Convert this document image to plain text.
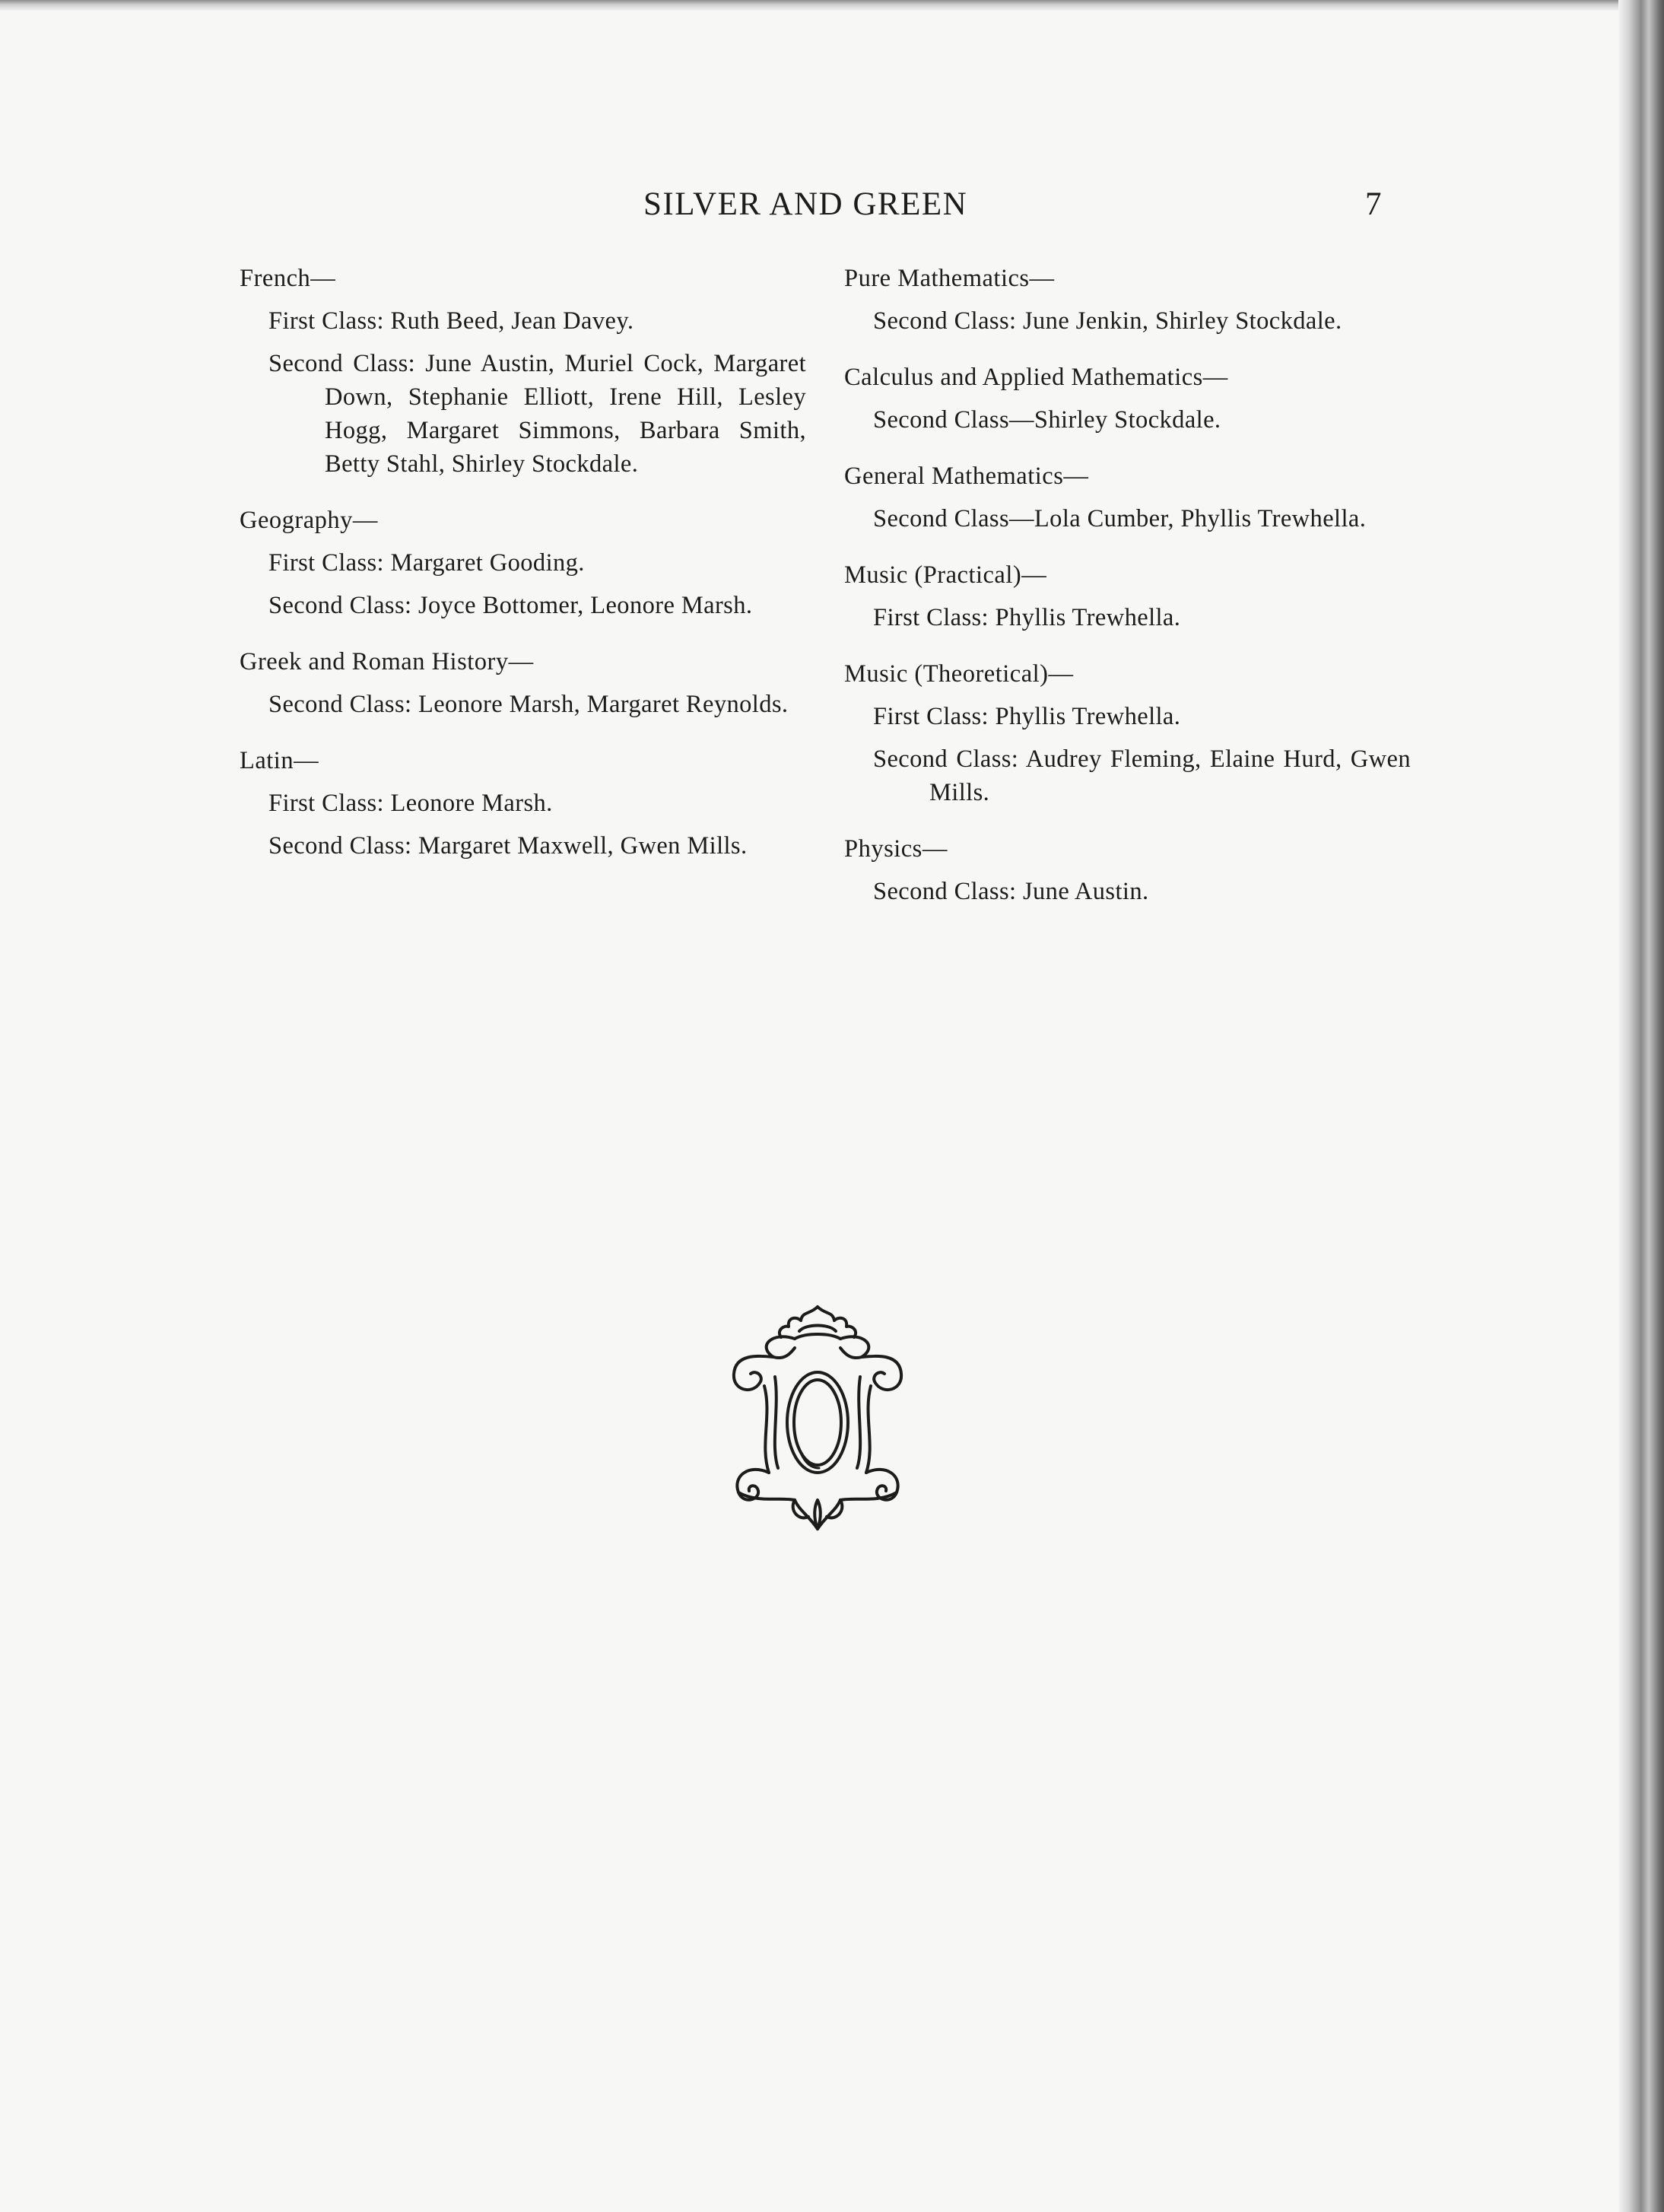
SILVER AND GREEN	7
French—
First Class: Ruth Beed, Jean Davey.
Second Class: June Austin, Muriel Cock, Margaret Down, Stephanie Elliott, Irene Hill, Lesley Hogg, Margaret Simmons, Barbara Smith, Betty Stahl, Shirley Stockdale.
Geography—
First Class: Margaret Gooding.
Second Class: Joyce Bottomer, Leonore Marsh.
Greek and Roman History—
Second Class: Leonore Marsh, Margaret Reynolds.
Latin—
First Class: Leonore Marsh.
Second Class: Margaret Maxwell, Gwen Mills.
Pure Mathematics—
Second Class: June Jenkin, Shirley Stockdale.
Calculus and Applied Mathematics—
Second Class—Shirley Stockdale.
General Mathematics—
Second Class—Lola Cumber, Phyllis Trewhella.
Music (Practical)—
First Class: Phyllis Trewhella.
Music (Theoretical)—
First Class: Phyllis Trewhella.
Second Class: Audrey Fleming, Elaine Hurd, Gwen Mills.
Physics—
Second Class: June Austin.
